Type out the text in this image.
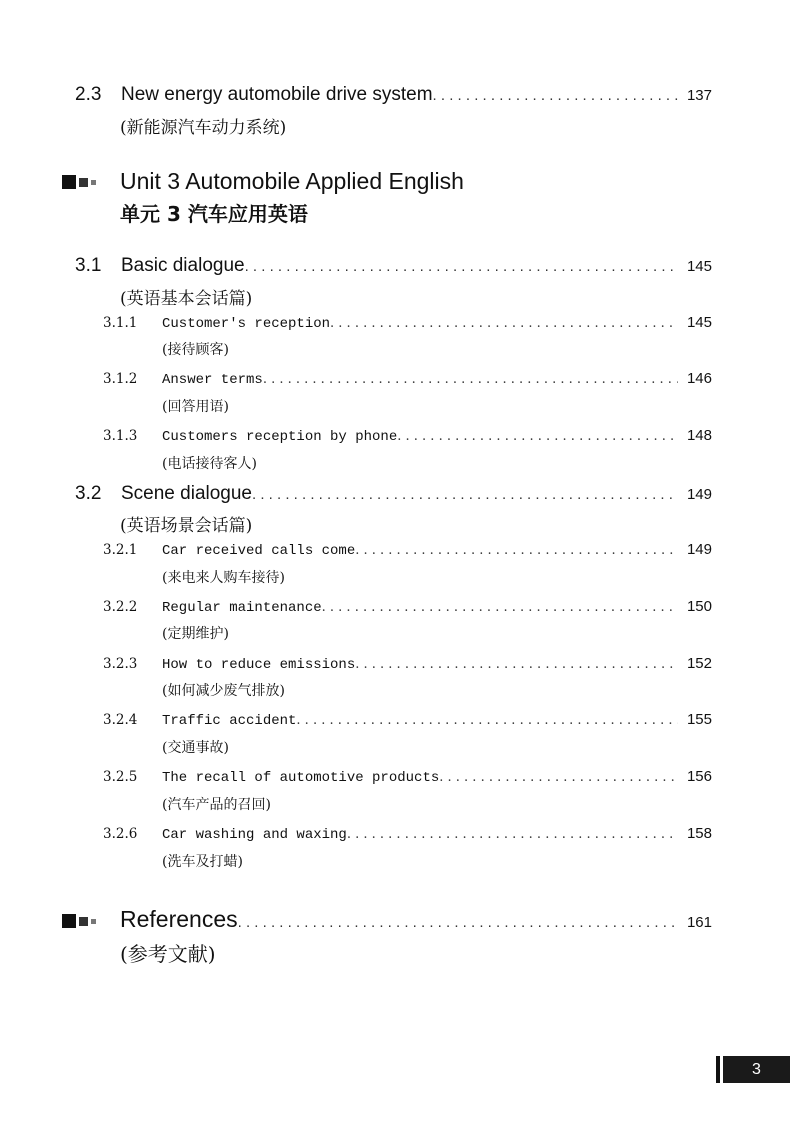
2.3	New energy automobile drive system . . .	137
(新能源汽车动力系统)
Unit 3 Automobile Applied English
单元 3 汽车应用英语
3.1	Basic dialogue . . .	145
(英语基本会话篇)
3.1.1	Customer's reception . . .	145
(接待顾客)
3.1.2	Answer terms . . .	146
(回答用语)
3.1.3	Customers reception by phone . . .	148
(电话接待客人)
3.2	Scene dialogue . . .	149
(英语场景会话篇)
3.2.1	Car received calls come . . .	149
(来电来人购车接待)
3.2.2	Regular maintenance . . .	150
(定期维护)
3.2.3	How to reduce emissions . . .	152
(如何减少废气排放)
3.2.4	Traffic accident . . .	155
(交通事故)
3.2.5	The recall of automotive products . . .	156
(汽车产品的召回)
3.2.6	Car washing and waxing . . .	158
(洗车及打蜡)
References . . .	161
(参考文献)
3
